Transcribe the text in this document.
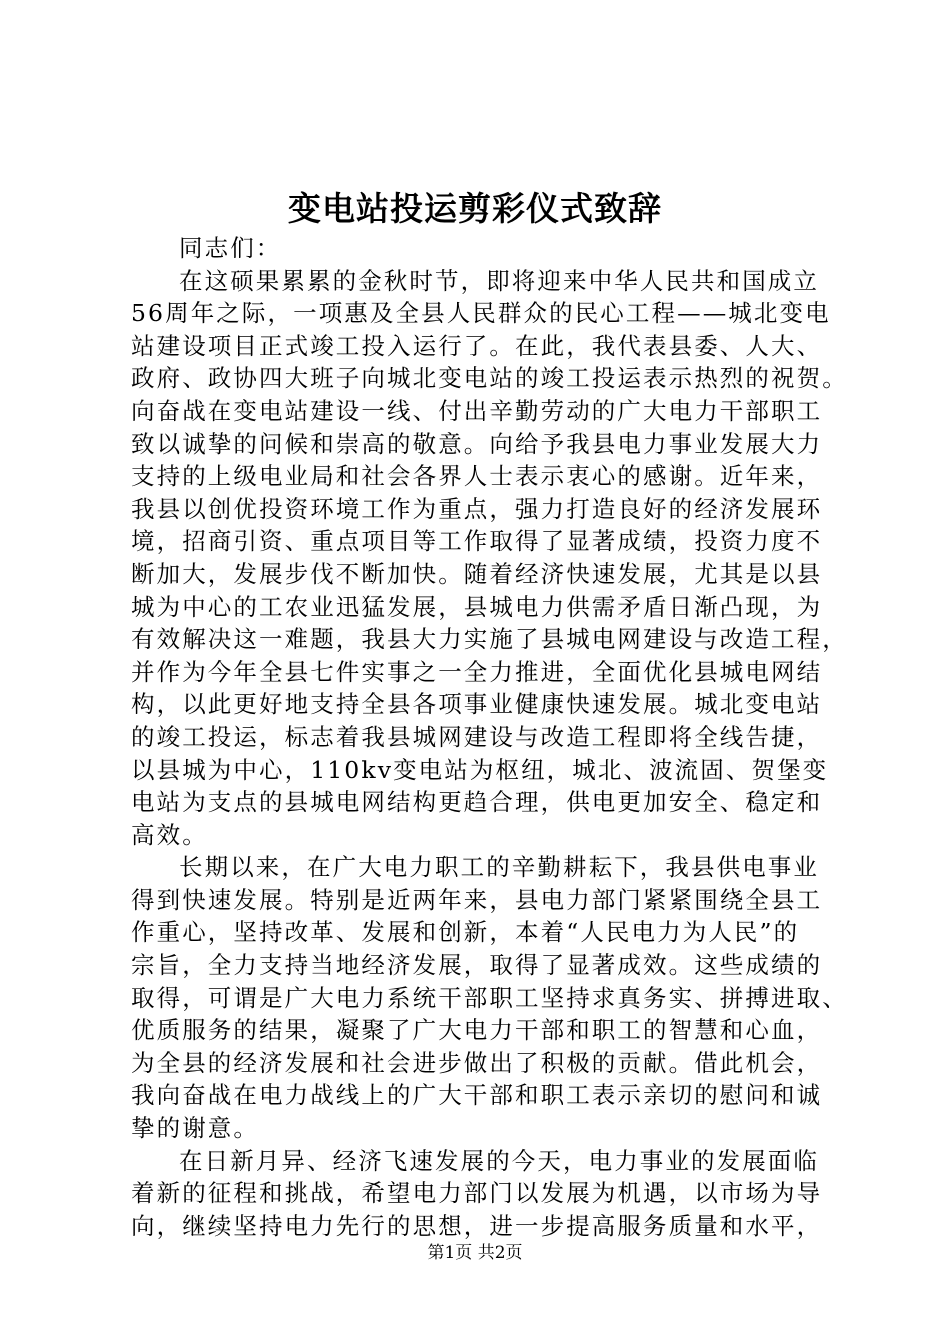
变电站投运剪彩仪式致辞
同志们：
在这硕果累累的金秋时节，即将迎来中华人民共和国成立
56周年之际，一项惠及全县人民群众的民心工程——城北变电
站建设项目正式竣工投入运行了。在此，我代表县委、人大、
政府、政协四大班子向城北变电站的竣工投运表示热烈的祝贺。
向奋战在变电站建设一线、付出辛勤劳动的广大电力干部职工
致以诚挚的问候和崇高的敬意。向给予我县电力事业发展大力
支持的上级电业局和社会各界人士表示衷心的感谢。近年来，
我县以创优投资环境工作为重点，强力打造良好的经济发展环
境，招商引资、重点项目等工作取得了显著成绩，投资力度不
断加大，发展步伐不断加快。随着经济快速发展，尤其是以县
城为中心的工农业迅猛发展，县城电力供需矛盾日渐凸现，为
有效解决这一难题，我县大力实施了县城电网建设与改造工程，
并作为今年全县七件实事之一全力推进，全面优化县城电网结
构，以此更好地支持全县各项事业健康快速发展。城北变电站
的竣工投运，标志着我县城网建设与改造工程即将全线告捷，
以县城为中心，110kv变电站为枢纽，城北、波流固、贺堡变
电站为支点的县城电网结构更趋合理，供电更加安全、稳定和
高效。
长期以来，在广大电力职工的辛勤耕耘下，我县供电事业
得到快速发展。特别是近两年来，县电力部门紧紧围绕全县工
作重心，坚持改革、发展和创新，本着“人民电力为人民”的
宗旨，全力支持当地经济发展，取得了显著成效。这些成绩的
取得，可谓是广大电力系统干部职工坚持求真务实、拼搏进取、
优质服务的结果，凝聚了广大电力干部和职工的智慧和心血，
为全县的经济发展和社会进步做出了积极的贡献。借此机会，
我向奋战在电力战线上的广大干部和职工表示亲切的慰问和诚
挚的谢意。
在日新月异、经济飞速发展的今天，电力事业的发展面临
着新的征程和挑战，希望电力部门以发展为机遇，以市场为导
向，继续坚持电力先行的思想，进一步提高服务质量和水平，
第1页 共2页
